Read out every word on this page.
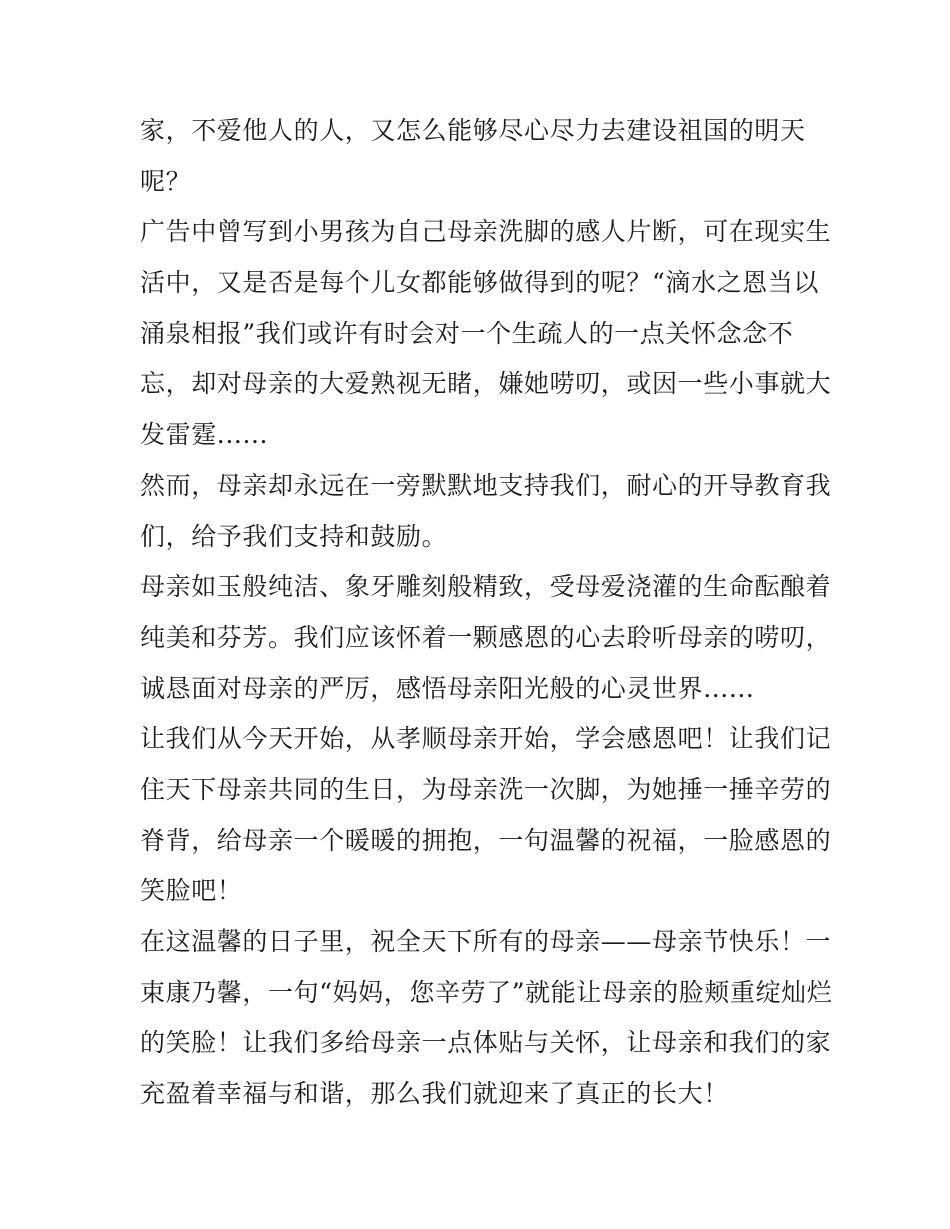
家，不爱他人的人，又怎么能够尽心尽力去建设祖国的明天
呢？
广告中曾写到小男孩为自己母亲洗脚的感人片断，可在现实生
活中，又是否是每个儿女都能够做得到的呢？“滴水之恩当以
涌泉相报”我们或许有时会对一个生疏人的一点关怀念念不
忘，却对母亲的大爱熟视无睹，嫌她唠叨，或因一些小事就大
发雷霆......
然而，母亲却永远在一旁默默地支持我们，耐心的开导教育我
们，给予我们支持和鼓励。
母亲如玉般纯洁、象牙雕刻般精致，受母爱浇灌的生命酝酿着
纯美和芬芳。我们应该怀着一颗感恩的心去聆听母亲的唠叨，
诚恳面对母亲的严厉，感悟母亲阳光般的心灵世界......
让我们从今天开始，从孝顺母亲开始，学会感恩吧！让我们记
住天下母亲共同的生日，为母亲洗一次脚，为她捶一捶辛劳的
脊背，给母亲一个暖暖的拥抱，一句温馨的祝福，一脸感恩的
笑脸吧！
在这温馨的日子里，祝全天下所有的母亲——母亲节快乐！一
束康乃馨，一句“妈妈，您辛劳了”就能让母亲的脸颊重绽灿烂
的笑脸！让我们多给母亲一点体贴与关怀，让母亲和我们的家
充盈着幸福与和谐，那么我们就迎来了真正的长大！
